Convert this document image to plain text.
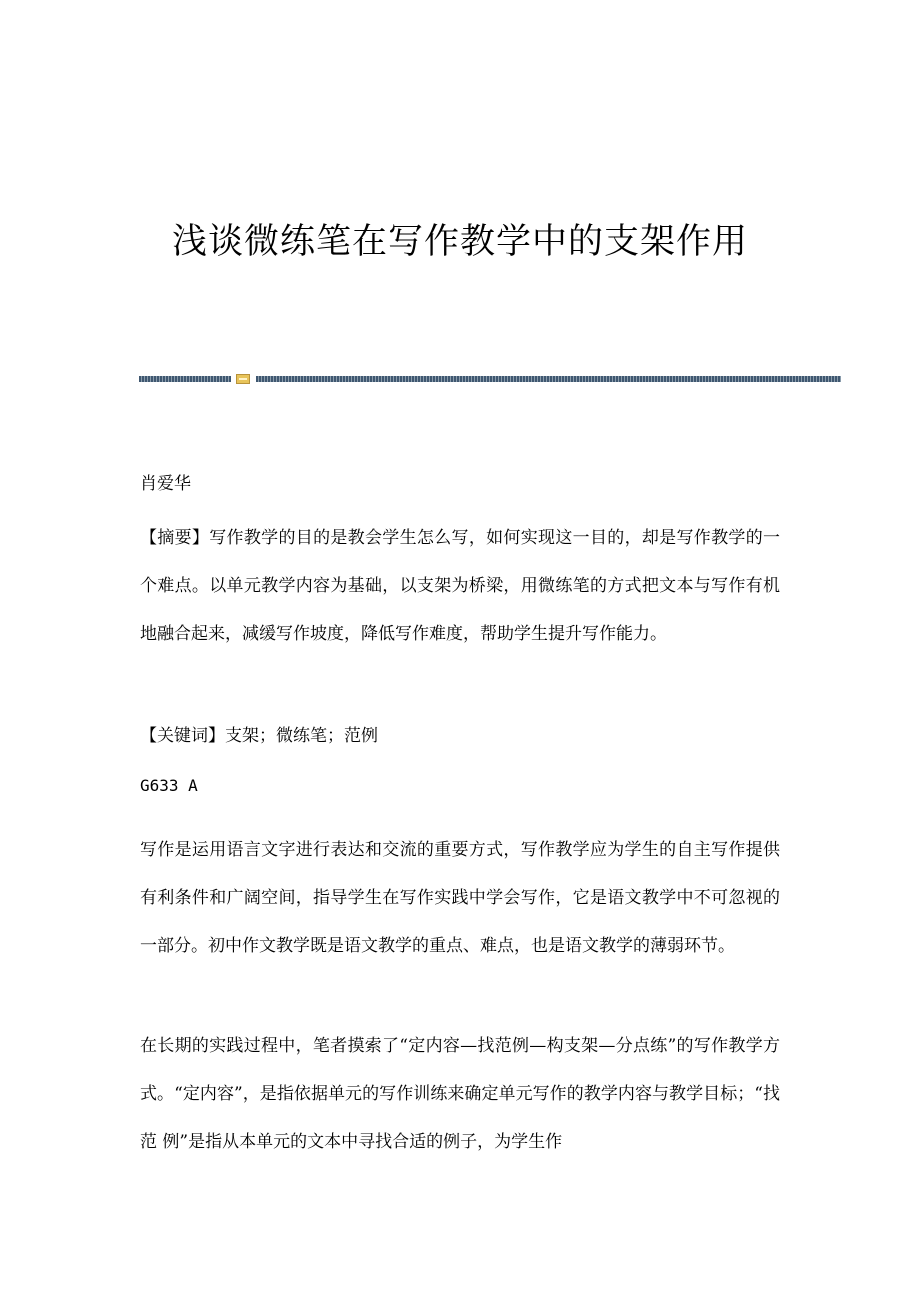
浅谈微练笔在写作教学中的支架作用

肖爱华

【摘要】写作教学的目的是教会学生怎么写，如何实现这一目的，却是写作教学的一个难点。以单元教学内容为基础，以支架为桥梁，用微练笔的方式把文本与写作有机地融合起来，减缓写作坡度，降低写作难度，帮助学生提升写作能力。

【关键词】支架；微练笔；范例

G633 A

写作是运用语言文字进行表达和交流的重要方式，写作教学应为学生的自主写作提供有利条件和广阔空间，指导学生在写作实践中学会写作，它是语文教学中不可忽视的一部分。初中作文教学既是语文教学的重点、难点，也是语文教学的薄弱环节。

在长期的实践过程中，笔者摸索了“定内容—找范例—构支架—分点练”的写作教学方式。“定内容”，是指依据单元的写作训练来确定单元写作的教学内容与教学目标；“找范 例”是指从本单元的文本中寻找合适的例子，为学生作
